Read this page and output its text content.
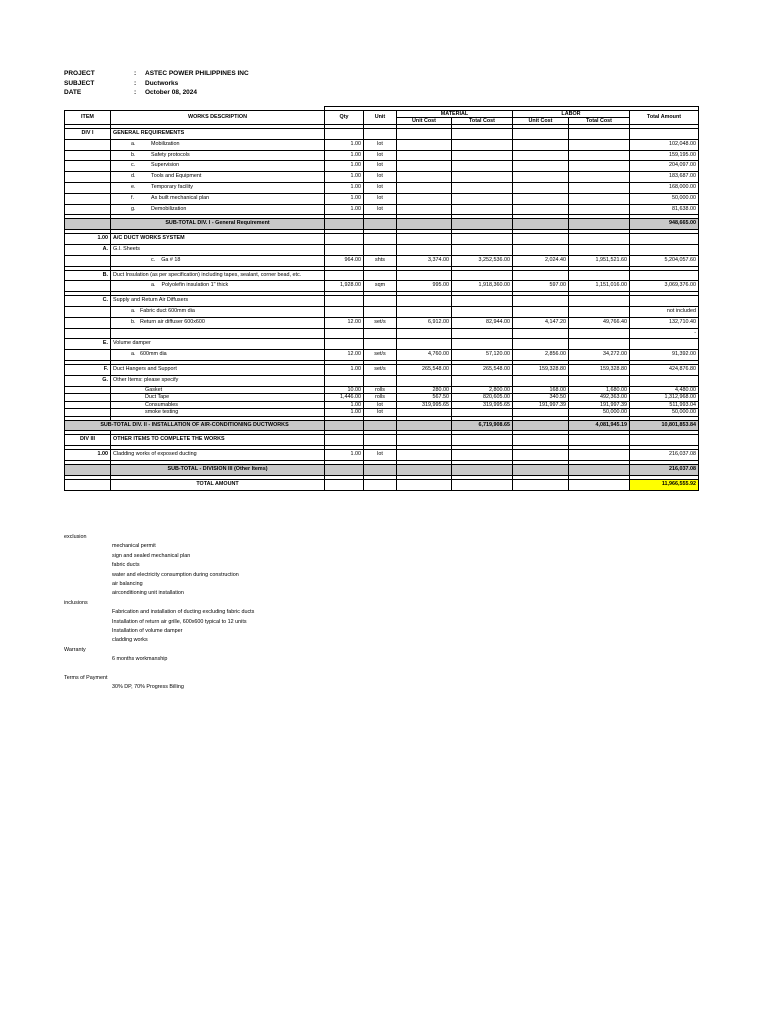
PROJECT	: ASTEC POWER PHILIPPINES INC
SUBJECT	: Ductworks
DATE	: October 08, 2024

ITEM	WORKS DESCRIPTION	Qty	Unit	MATERIAL		LABOR		Total Amount
				Unit Cost	Total Cost	Unit Cost	Total Cost	

DIV I	GENERAL REQUIREMENTS							
	a. Mobilization	1.00	lot					102,048.00
	b. Safety protocols	1.00	lot					159,195.00
	c. Supervision	1.00	lot					204,097.00
	d. Tools and Equipment	1.00	lot					183,687.00
	e. Temporary facility	1.00	lot					168,000.00
	f. As built mechanical plan	1.00	lot					50,000.00
	g. Demobilization	1.00	lot					81,638.00

	SUB-TOTAL DIV. I - General Requirement							948,665.00

1.00	A/C DUCT WORKS SYSTEM							
A.	G.I. Sheets							
	c. Ga # 18	964.00	shts	3,374.00	3,252,536.00	2,024.40	1,951,521.60	5,204,057.60

B.	Duct Insulation (as per specification) including tapes, sealant, corner bead, etc.							
	a. Polyolefin insulation 1" thick	1,928.00	sqm	995.00	1,918,360.00	597.00	1,151,016.00	3,069,376.00

C.	Supply and Return Air Diffusers							
	a. Fabric duct 600mm dia							not included
	b. Return air diffuser 600x600	12.00	set/s	6,912.00	82,944.00	4,147.20	49,766.40	132,710.40
								-
E.	Volume damper							
	a. 600mm dia	12.00	set/s	4,760.00	57,120.00	2,856.00	34,272.00	91,392.00

F.	Duct Hangers and Support	1.00	set/s	265,548.00	265,548.00	159,328.80	159,328.80	424,876.80
G.	Other Items: please specify							
	Gasket	10.00	rolls	280.00	2,800.00	168.00	1,680.00	4,480.00
	Duct Tape	1,446.00	rolls	567.50	820,605.00	340.50	492,363.00	1,312,968.00
	Consumables	1.00	lot	319,995.65	319,995.65	191,997.39	191,997.39	511,993.04
	smoke testing	1.00	lot				50,000.00	50,000.00

SUB-TOTAL DIV. II - INSTALLATION OF AIR-CONDITIONING DUCTWORKS					6,719,908.65		4,081,945.19	10,801,853.84

DIV III	OTHER ITEMS TO COMPLETE THE WORKS							

1.00	Cladding works of exposed ducting	1.00	lot					216,037.08

	SUB-TOTAL - DIVISION III (Other Items)							216,037.08

	TOTAL AMOUNT							11,966,555.92
exclusion
mechanical permit
sign and sealed mechanical plan
fabric ducts
water and electricity consumption during construction
air balancing
airconditioning unit installation
inclusions
Fabrication and installation of ducting excluding fabric ducts
Installation of return air grille, 600x600 typical to 12 units
Installation of volume damper
cladding works
Warranty
6 months workmanship
Terms of Payment
30% DP, 70% Progress Billing
